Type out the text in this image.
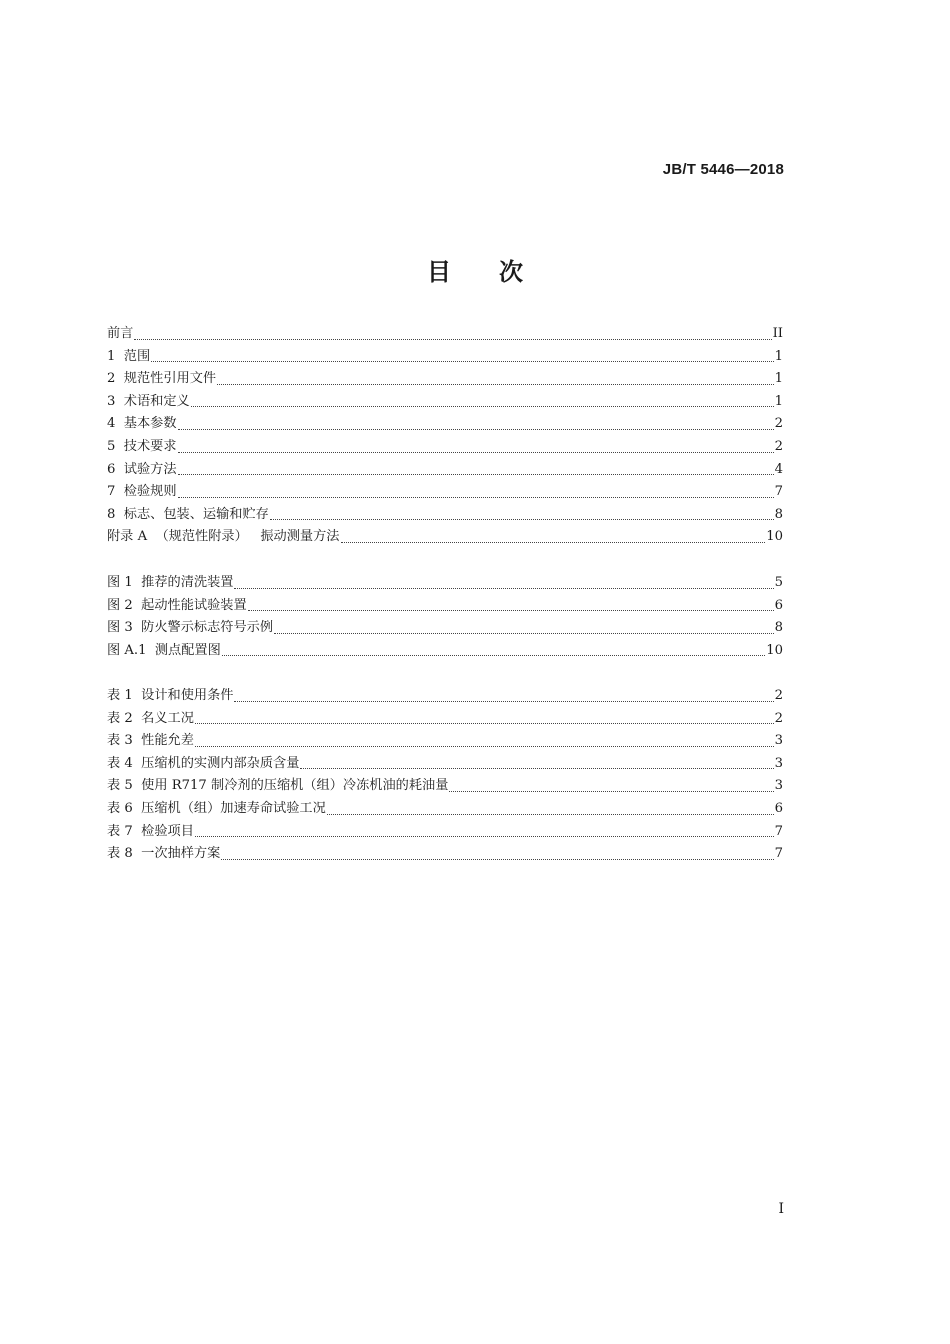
JB/T 5446—2018
目 次
前言	II
1 范围	1
2 规范性引用文件	1
3 术语和定义	1
4 基本参数	2
5 技术要求	2
6 试验方法	4
7 检验规则	7
8 标志、包装、运输和贮存	8
附录 A （规范性附录）   振动测量方法	10
图 1 推荐的清洗装置	5
图 2 起动性能试验装置	6
图 3 防火警示标志符号示例	8
图 A.1 测点配置图	10
表 1 设计和使用条件	2
表 2 名义工况	2
表 3 性能允差	3
表 4 压缩机的实测内部杂质含量	3
表 5 使用 R717 制冷剂的压缩机（组）冷冻机油的耗油量	3
表 6 压缩机（组）加速寿命试验工况	6
表 7 检验项目	7
表 8 一次抽样方案	7
I
